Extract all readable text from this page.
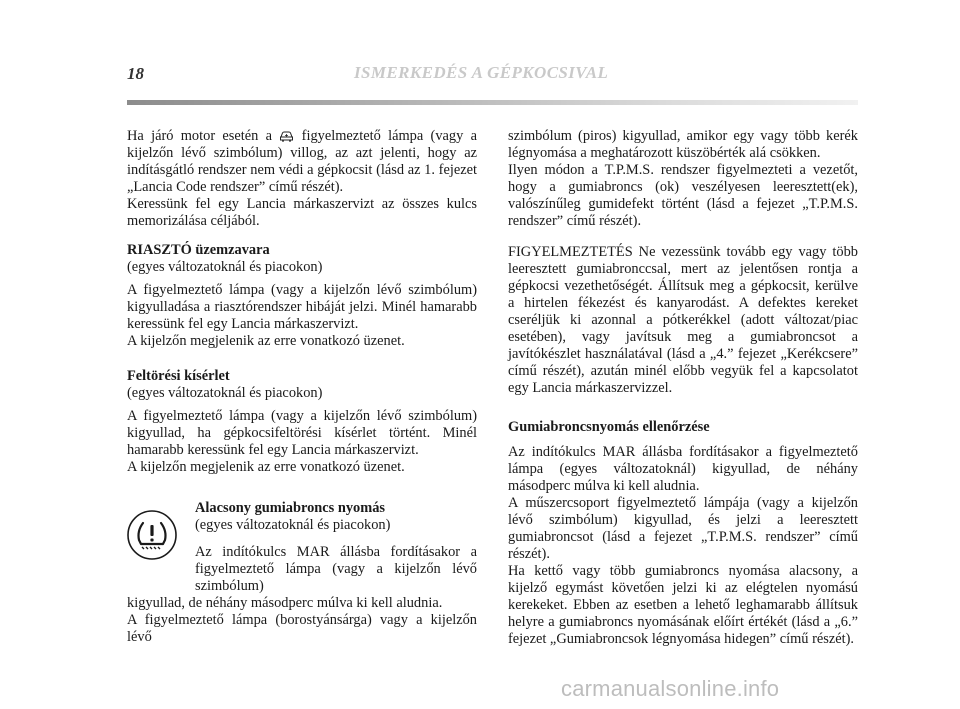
18	ISMERKEDÉS A GÉPKOCSIVAL

Ha járó motor esetén a figyelmeztető lámpa (vagy a kijelzőn lévő szimbólum) villog, az azt jelenti, hogy az indításgátló rendszer nem védi a gépkocsit (lásd az 1. fejezet „Lancia Code rendszer” című részét).

Keressünk fel egy Lancia márkaszervizt az összes kulcs memorizálása céljából.

RIASZTÓ üzemzavara

(egyes változatoknál és piacokon)

A figyelmeztető lámpa (vagy a kijelzőn lévő szimbólum) kigyulladása a riasztórendszer hibáját jelzi. Minél hamarabb keressünk fel egy Lancia márkaszervizt.

A kijelzőn megjelenik az erre vonatkozó üzenet.

Feltörési kísérlet

(egyes változatoknál és piacokon)

A figyelmeztető lámpa (vagy a kijelzőn lévő szimbólum) kigyullad, ha gépkocsifeltörési kísérlet történt. Minél hamarabb keressünk fel egy Lancia márkaszervizt.

A kijelzőn megjelenik az erre vonatkozó üzenet.

Alacsony gumiabroncs nyomás

(egyes változatoknál és piacokon)

Az indítókulcs MAR állásba fordításakor a figyelmeztető lámpa (vagy a kijelzőn lévő szimbólum)

kigyullad, de néhány másodperc múlva ki kell aludnia.

A figyelmeztető lámpa (borostyánsárga) vagy a kijelzőn lévő

szimbólum (piros) kigyullad, amikor egy vagy több kerék légnyomása a meghatározott küszöbérték alá csökken.

Ilyen módon a T.P.M.S. rendszer figyelmezteti a vezetőt, hogy a gumiabroncs (ok) veszélyesen leeresztett(ek), valószínűleg gumidefekt történt (lásd a fejezet „T.P.M.S. rendszer” című részét).

FIGYELMEZTETÉS Ne vezessünk tovább egy vagy több leeresztett gumiabronccsal, mert az jelentősen rontja a gépkocsi vezethetőségét. Állítsuk meg a gépkocsit, kerülve a hirtelen fékezést és kanyarodást. A defektes kereket cseréljük ki azonnal a pótkerékkel (adott változat/piac esetében), vagy javítsuk meg a gumiabroncsot a javítókészlet használatával (lásd a „4.” fejezet „Kerékcsere” című részét), azután minél előbb vegyük fel a kapcsolatot egy Lancia márkaszervizzel.

Gumiabroncsnyomás ellenőrzése

Az indítókulcs MAR állásba fordításakor a figyelmeztető lámpa (egyes változatoknál) kigyullad, de néhány másodperc múlva ki kell aludnia.

A műszercsoport figyelmeztető lámpája (vagy a kijelzőn lévő szimbólum) kigyullad, és jelzi a leeresztett gumiabroncsot (lásd a fejezet „T.P.M.S. rendszer” című részét).

Ha kettő vagy több gumiabroncs nyomása alacsony, a kijelző egymást követően jelzi ki az elégtelen nyomású kerekeket. Ebben az esetben a lehető leghamarabb állítsuk helyre a gumiabroncs nyomásának előírt értékét (lásd a „6.” fejezet „Gumiabroncsok légnyomása hidegen” című részét).

carmanualsonline.info
